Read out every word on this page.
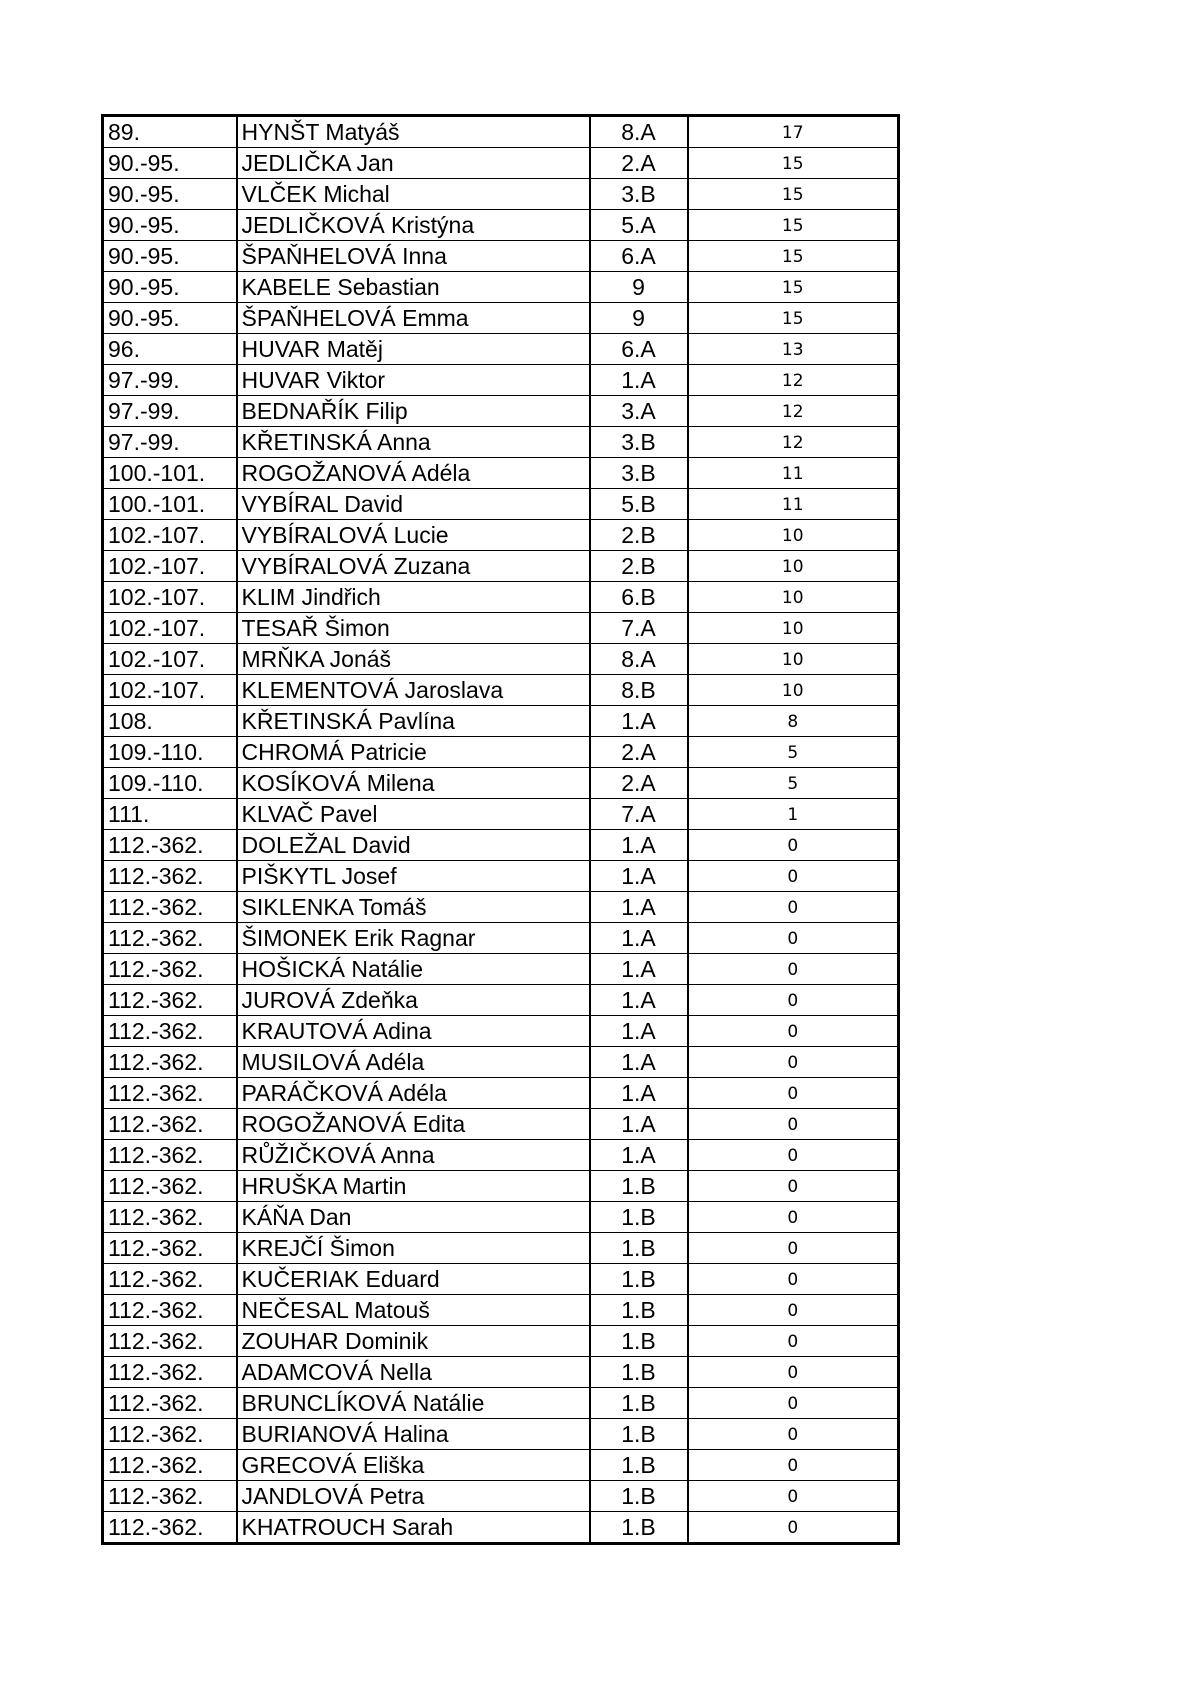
89.	HYNŠT Matyáš	8.A	17
90.-95.	JEDLIČKA Jan	2.A	15
90.-95.	VLČEK Michal	3.B	15
90.-95.	JEDLIČKOVÁ Kristýna	5.A	15
90.-95.	ŠPAŇHELOVÁ Inna	6.A	15
90.-95.	KABELE Sebastian	9	15
90.-95.	ŠPAŇHELOVÁ Emma	9	15
96.	HUVAR Matěj	6.A	13
97.-99.	HUVAR Viktor	1.A	12
97.-99.	BEDNAŘÍK Filip	3.A	12
97.-99.	KŘETINSKÁ Anna	3.B	12
100.-101.	ROGOŽANOVÁ Adéla	3.B	11
100.-101.	VYBÍRAL David	5.B	11
102.-107.	VYBÍRALOVÁ Lucie	2.B	10
102.-107.	VYBÍRALOVÁ Zuzana	2.B	10
102.-107.	KLIM Jindřich	6.B	10
102.-107.	TESAŘ Šimon	7.A	10
102.-107.	MRŇKA Jonáš	8.A	10
102.-107.	KLEMENTOVÁ Jaroslava	8.B	10
108.	KŘETINSKÁ Pavlína	1.A	8
109.-110.	CHROMÁ Patricie	2.A	5
109.-110.	KOSÍKOVÁ Milena	2.A	5
111.	KLVAČ Pavel	7.A	1
112.-362.	DOLEŽAL David	1.A	0
112.-362.	PIŠKYTL Josef	1.A	0
112.-362.	SIKLENKA Tomáš	1.A	0
112.-362.	ŠIMONEK Erik Ragnar	1.A	0
112.-362.	HOŠICKÁ Natálie	1.A	0
112.-362.	JUROVÁ Zdeňka	1.A	0
112.-362.	KRAUTOVÁ Adina	1.A	0
112.-362.	MUSILOVÁ Adéla	1.A	0
112.-362.	PARÁČKOVÁ Adéla	1.A	0
112.-362.	ROGOŽANOVÁ Edita	1.A	0
112.-362.	RŮŽIČKOVÁ Anna	1.A	0
112.-362.	HRUŠKA Martin	1.B	0
112.-362.	KÁŇA Dan	1.B	0
112.-362.	KREJČÍ Šimon	1.B	0
112.-362.	KUČERIAK Eduard	1.B	0
112.-362.	NEČESAL Matouš	1.B	0
112.-362.	ZOUHAR Dominik	1.B	0
112.-362.	ADAMCOVÁ Nella	1.B	0
112.-362.	BRUNCLÍKOVÁ Natálie	1.B	0
112.-362.	BURIANOVÁ Halina	1.B	0
112.-362.	GRECOVÁ Eliška	1.B	0
112.-362.	JANDLOVÁ Petra	1.B	0
112.-362.	KHATROUCH Sarah	1.B	0
